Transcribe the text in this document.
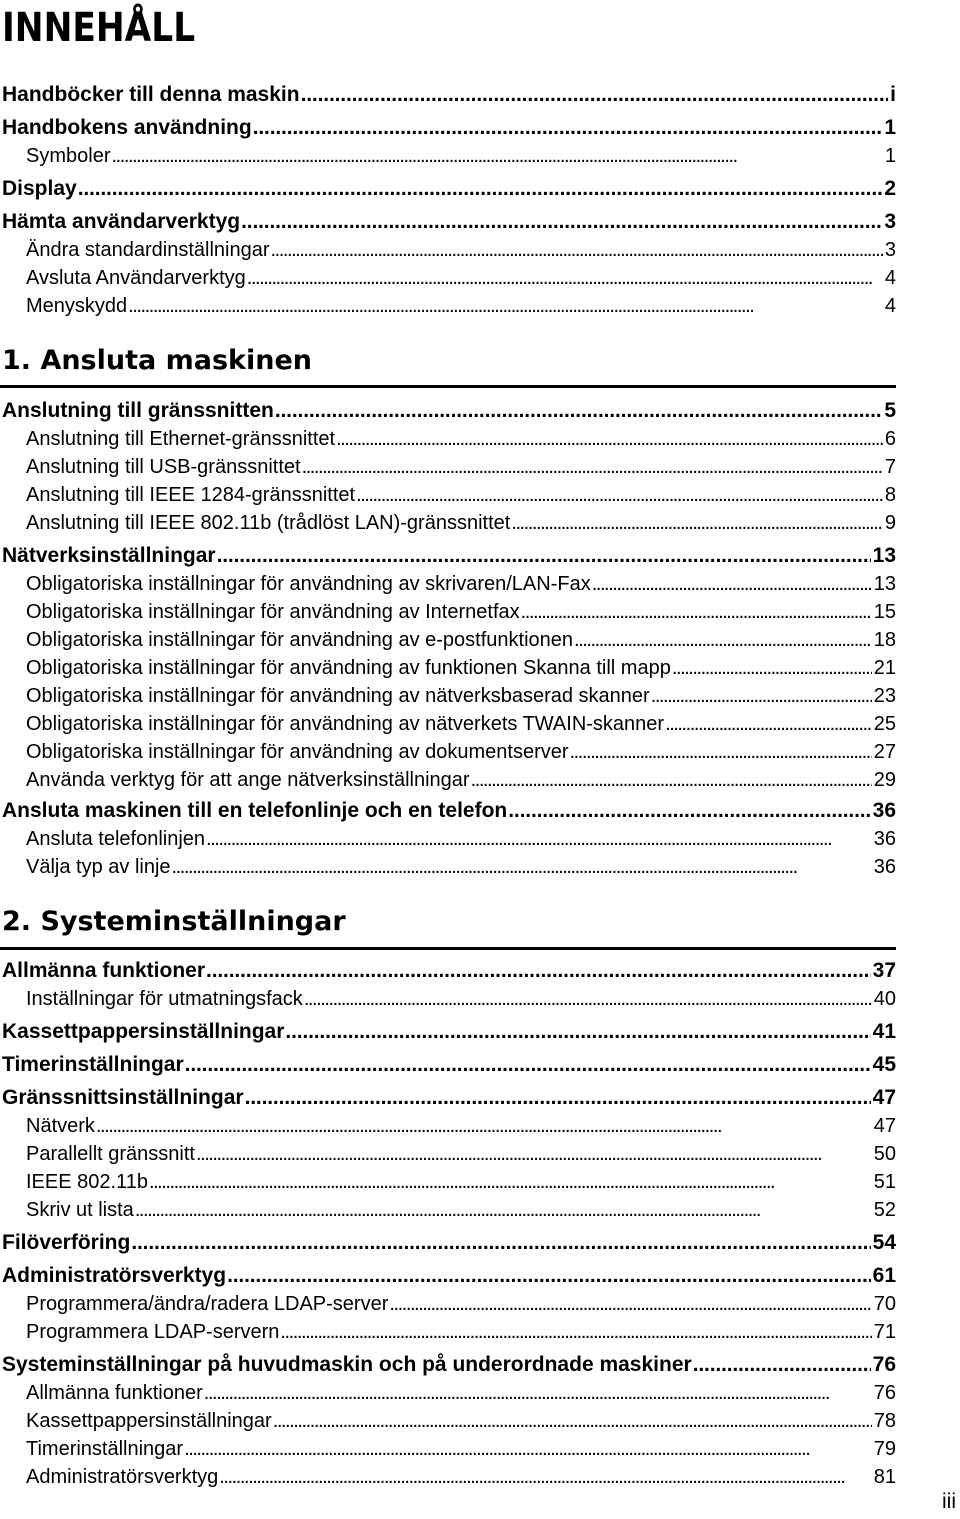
INNEHÅLL
Handböcker till denna maskin . . .	i
Handbokens användning . . .	1
Symboler . . .	1
Display . . .	2
Hämta användarverktyg . . .	3
Ändra standardinställningar . . .	3
Avsluta Användarverktyg . . .	4
Menyskydd . . .	4
1. Ansluta maskinen
Anslutning till gränssnitten . . .	5
Anslutning till Ethernet-gränssnittet . . .	6
Anslutning till USB-gränssnittet . . .	7
Anslutning till IEEE 1284-gränssnittet . . .	8
Anslutning till IEEE 802.11b (trådlöst LAN)-gränssnittet . . .	9
Nätverksinställningar . . .	13
Obligatoriska inställningar för användning av skrivaren/LAN-Fax . . .	13
Obligatoriska inställningar för användning av Internetfax . . .	15
Obligatoriska inställningar för användning av e-postfunktionen . . .	18
Obligatoriska inställningar för användning av funktionen Skanna till mapp . . .	21
Obligatoriska inställningar för användning av nätverksbaserad skanner . . .	23
Obligatoriska inställningar för användning av nätverkets TWAIN-skanner . . .	25
Obligatoriska inställningar för användning av dokumentserver . . .	27
Använda verktyg för att ange nätverksinställningar . . .	29
Ansluta maskinen till en telefonlinje och en telefon . . .	36
Ansluta telefonlinjen . . .	36
Välja typ av linje . . .	36
2. Systeminställningar
Allmänna funktioner . . .	37
Inställningar för utmatningsfack . . .	40
Kassettpappersinställningar . . .	41
Timerinställningar . . .	45
Gränssnittsinställningar . . .	47
Nätverk . . .	47
Parallellt gränssnitt . . .	50
IEEE 802.11b . . .	51
Skriv ut lista . . .	52
Filöverföring . . .	54
Administratörsverktyg . . .	61
Programmera/ändra/radera LDAP-server . . .	70
Programmera LDAP-servern . . .	71
Systeminställningar på huvudmaskin och på underordnade maskiner . . .	76
Allmänna funktioner . . .	76
Kassettpappersinställningar . . .	78
Timerinställningar . . .	79
Administratörsverktyg . . .	81
iii
